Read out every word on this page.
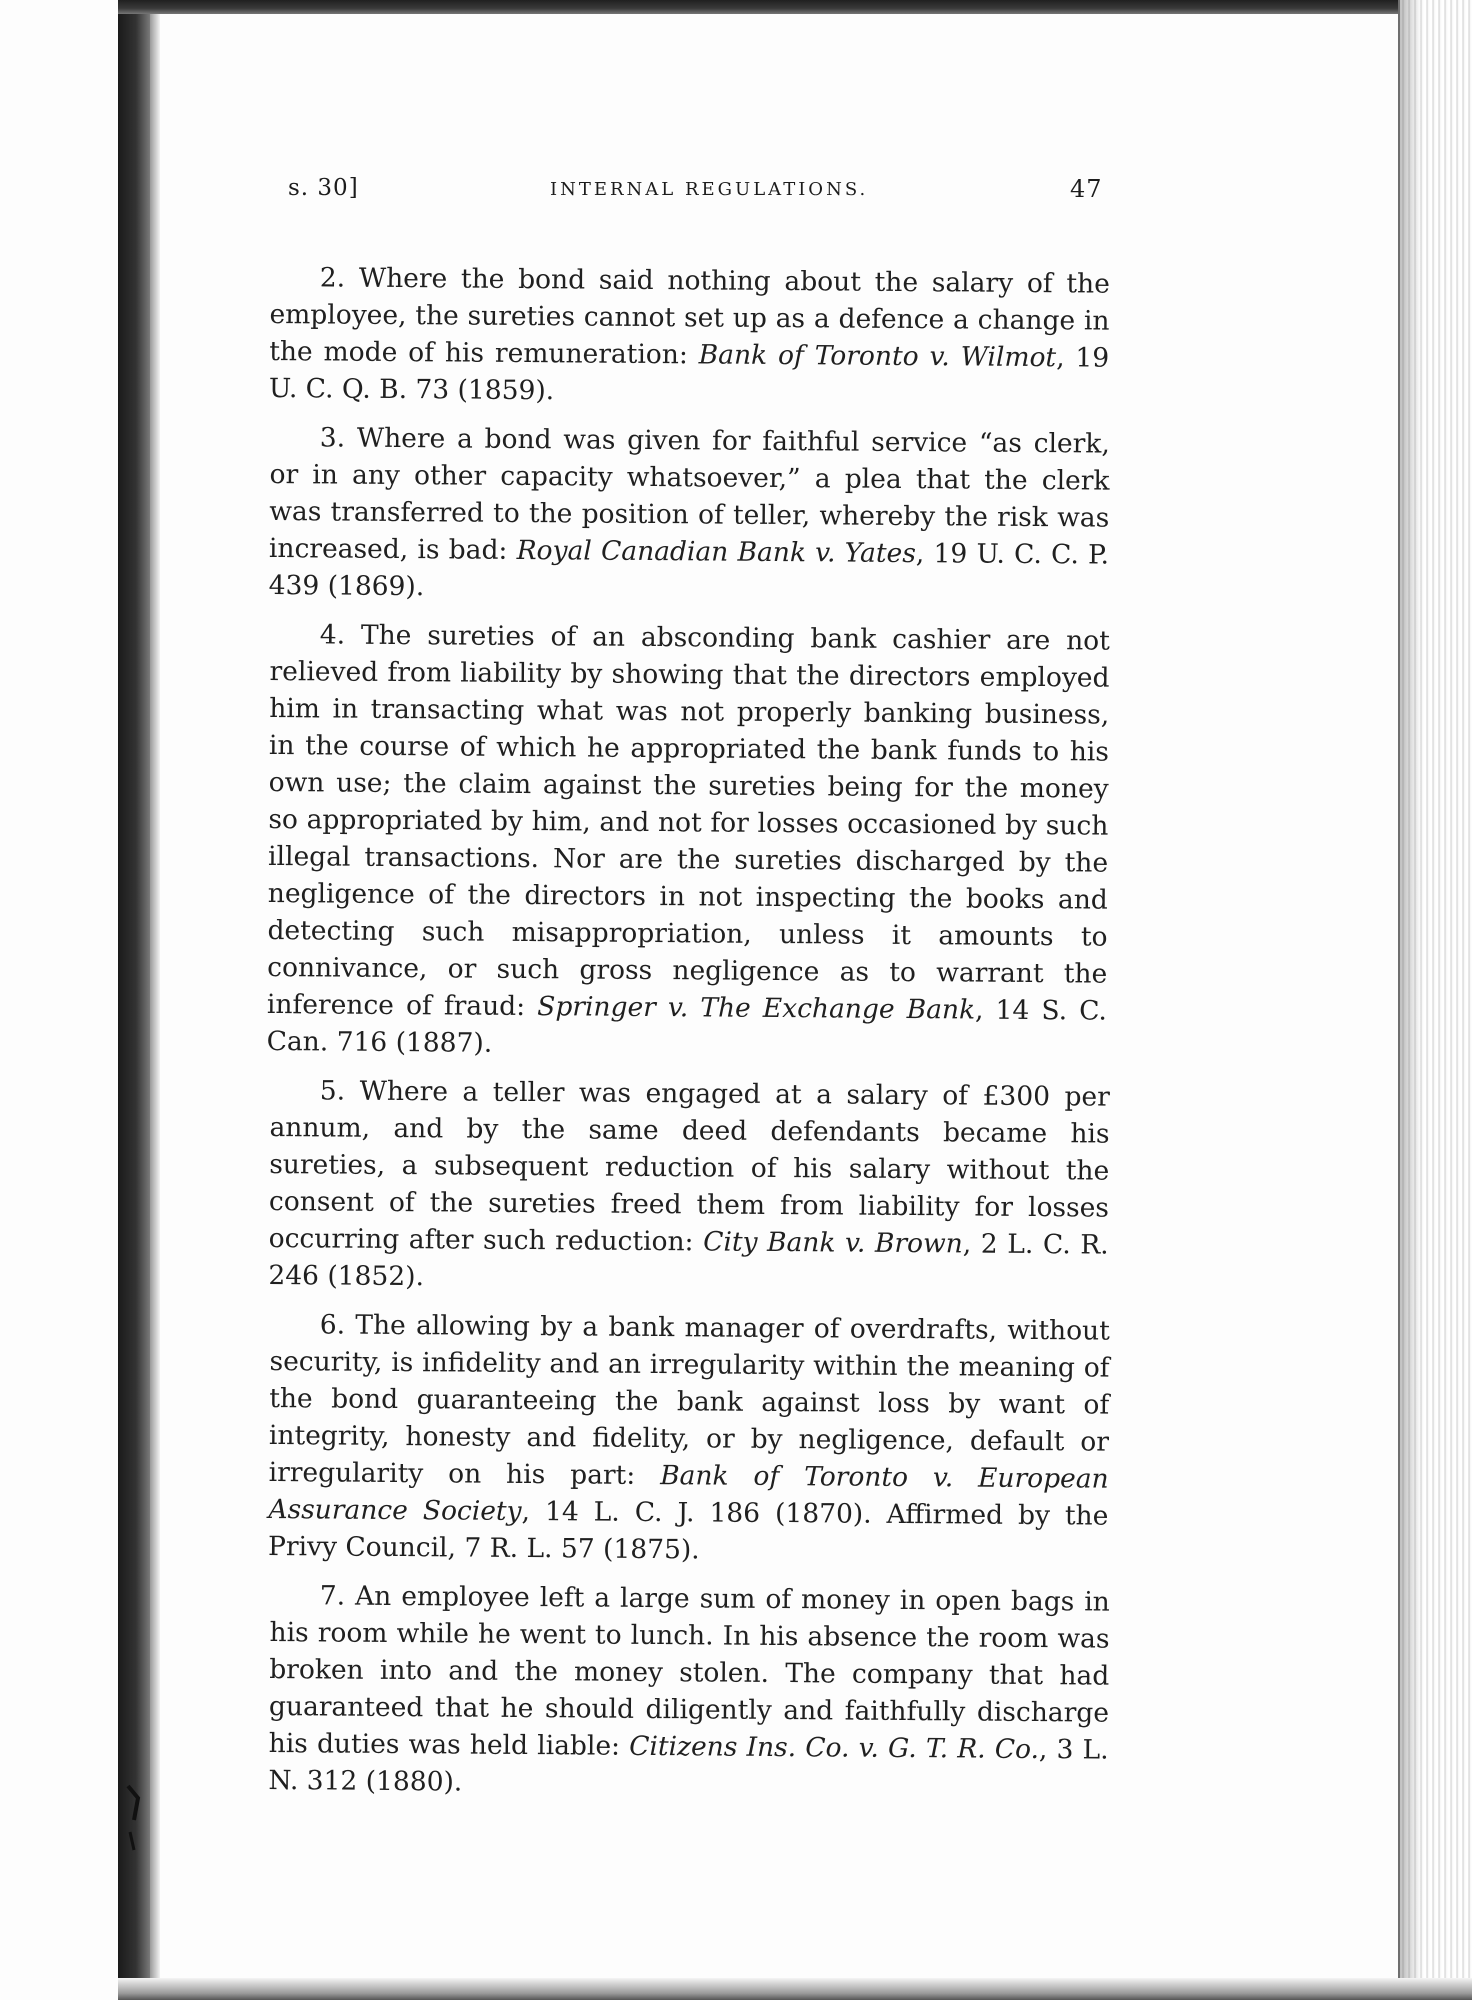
s. 30]	INTERNAL REGULATIONS.	47

2. Where the bond said nothing about the salary of the employee, the sureties cannot set up as a defence a change in the mode of his remuneration: Bank of Toronto v. Wilmot, 19 U. C. Q. B. 73 (1859).

3. Where a bond was given for faithful service “as clerk, or in any other capacity whatsoever,” a plea that the clerk was transferred to the position of teller, whereby the risk was increased, is bad: Royal Canadian Bank v. Yates, 19 U. C. C. P. 439 (1869).

4. The sureties of an absconding bank cashier are not relieved from liability by showing that the directors employed him in transacting what was not properly banking business, in the course of which he appropriated the bank funds to his own use; the claim against the sureties being for the money so appropriated by him, and not for losses occasioned by such illegal transactions. Nor are the sureties discharged by the negligence of the directors in not inspecting the books and detecting such misappropriation, unless it amounts to connivance, or such gross negligence as to warrant the inference of fraud: Springer v. The Exchange Bank, 14 S. C. Can. 716 (1887).

5. Where a teller was engaged at a salary of £300 per annum, and by the same deed defendants became his sureties, a subsequent reduction of his salary without the consent of the sureties freed them from liability for losses occurring after such reduction: City Bank v. Brown, 2 L. C. R. 246 (1852).

6. The allowing by a bank manager of overdrafts, without security, is infidelity and an irregularity within the meaning of the bond guaranteeing the bank against loss by want of integrity, honesty and fidelity, or by negligence, default or irregularity on his part: Bank of Toronto v. European Assurance Society, 14 L. C. J. 186 (1870). Affirmed by the Privy Council, 7 R. L. 57 (1875).

7. An employee left a large sum of money in open bags in his room while he went to lunch. In his absence the room was broken into and the money stolen. The company that had guaranteed that he should diligently and faithfully discharge his duties was held liable: Citizens Ins. Co. v. G. T. R. Co., 3 L. N. 312 (1880).
